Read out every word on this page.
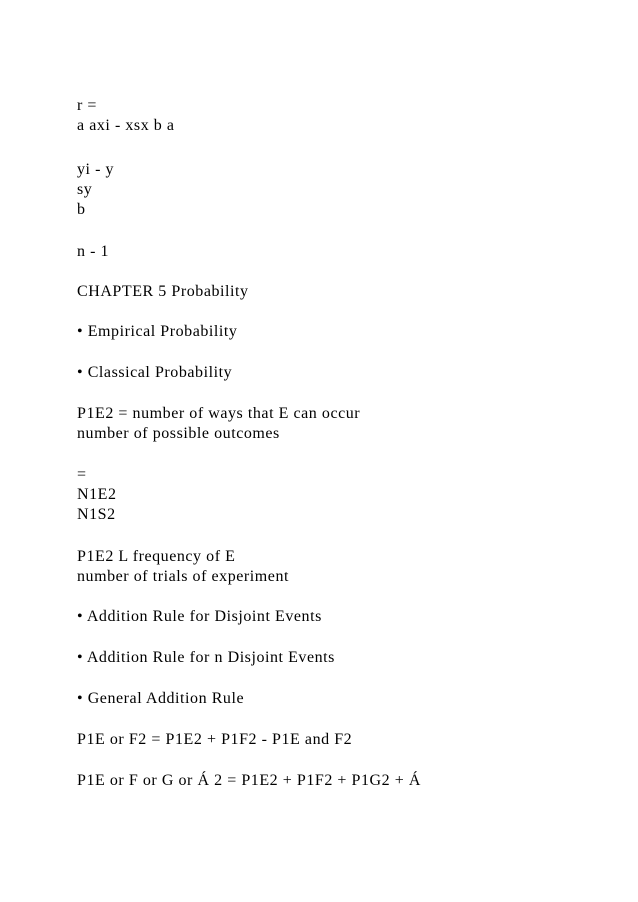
r =
a axi - xsx b a
yi - y
sy
b
n - 1
CHAPTER 5 Probability
• Empirical Probability
• Classical Probability
P1E2 = number of ways that E can occur
number of possible outcomes
=
N1E2
N1S2
P1E2 L frequency of E
number of trials of experiment
• Addition Rule for Disjoint Events
• Addition Rule for n Disjoint Events
• General Addition Rule
P1E or F2 = P1E2 + P1F2 - P1E and F2
P1E or F or G or Á 2 = P1E2 + P1F2 + P1G2 + Á
